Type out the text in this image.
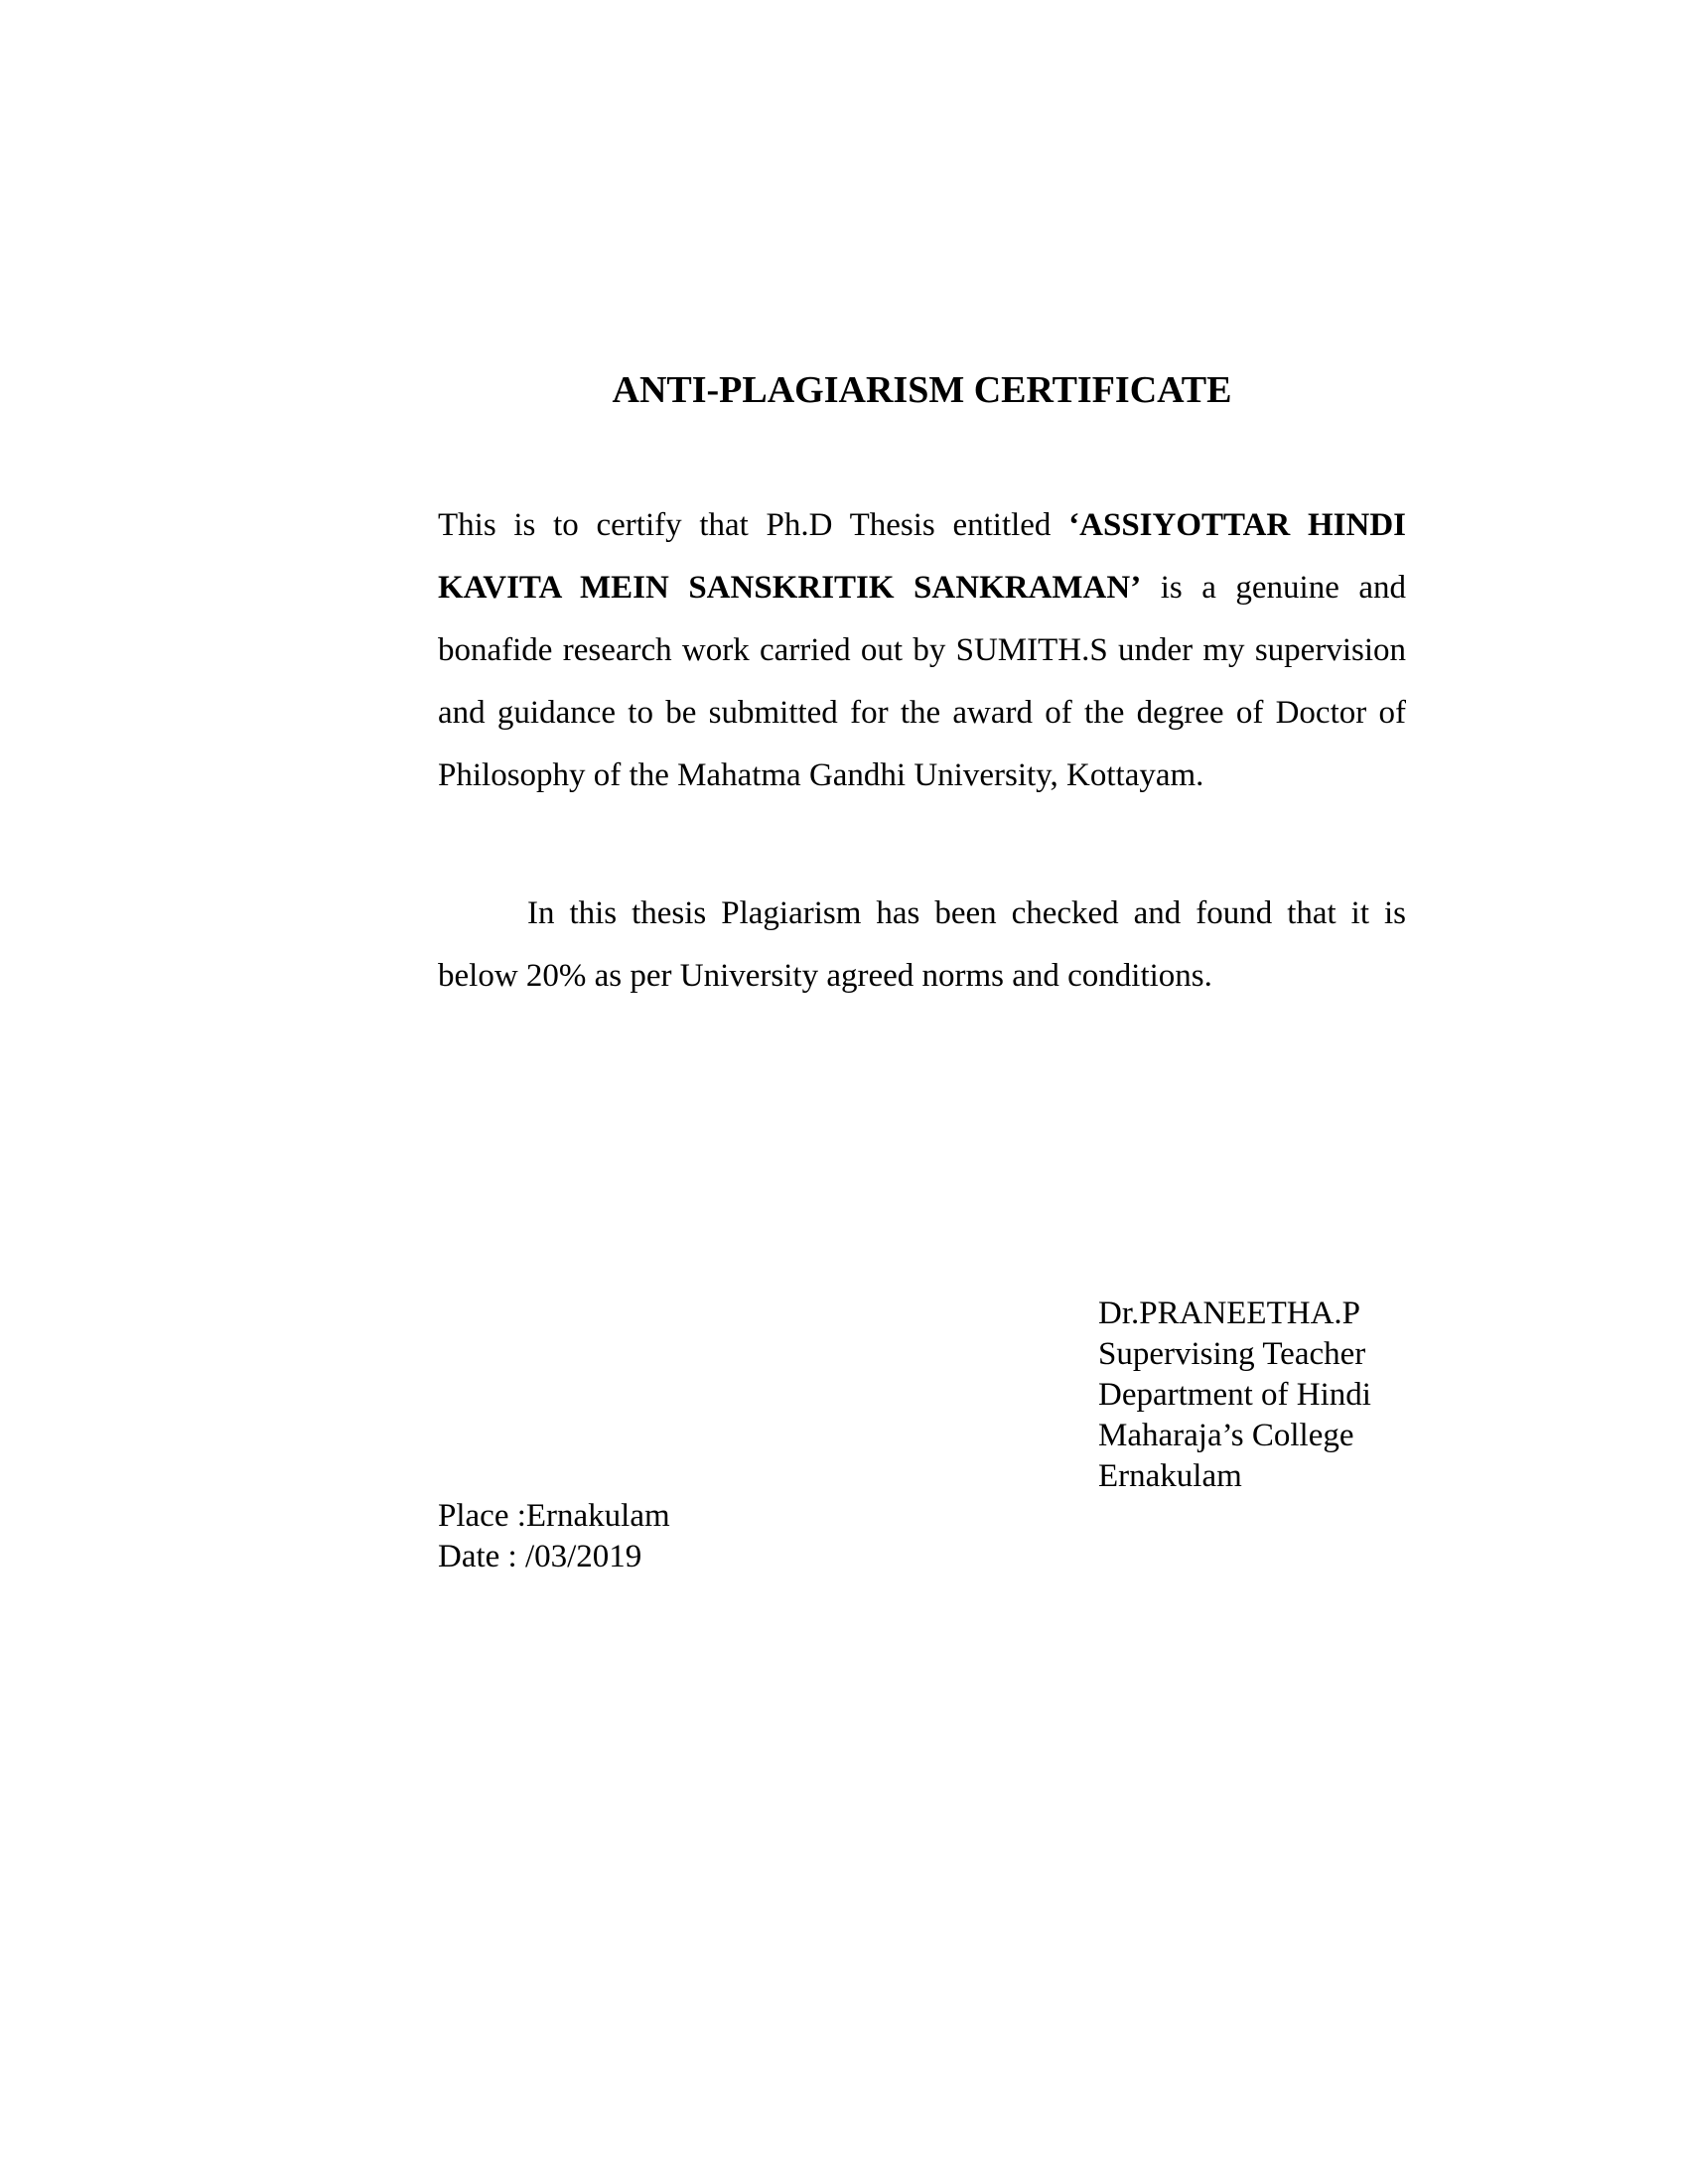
ANTI-PLAGIARISM CERTIFICATE

This is to certify that Ph.D Thesis entitled ‘ASSIYOTTAR HINDI KAVITA MEIN SANSKRITIK SANKRAMAN’ is a genuine and bonafide research work carried out by SUMITH.S under my supervision and guidance to be submitted for the award of the degree of Doctor of Philosophy of the Mahatma Gandhi University, Kottayam.

In this thesis Plagiarism has been checked and found that it is below 20% as per University agreed norms and conditions.

Dr.PRANEETHA.P
Supervising Teacher
Department of Hindi
Maharaja’s College
Ernakulam
Place :Ernakulam
Date : /03/2019
